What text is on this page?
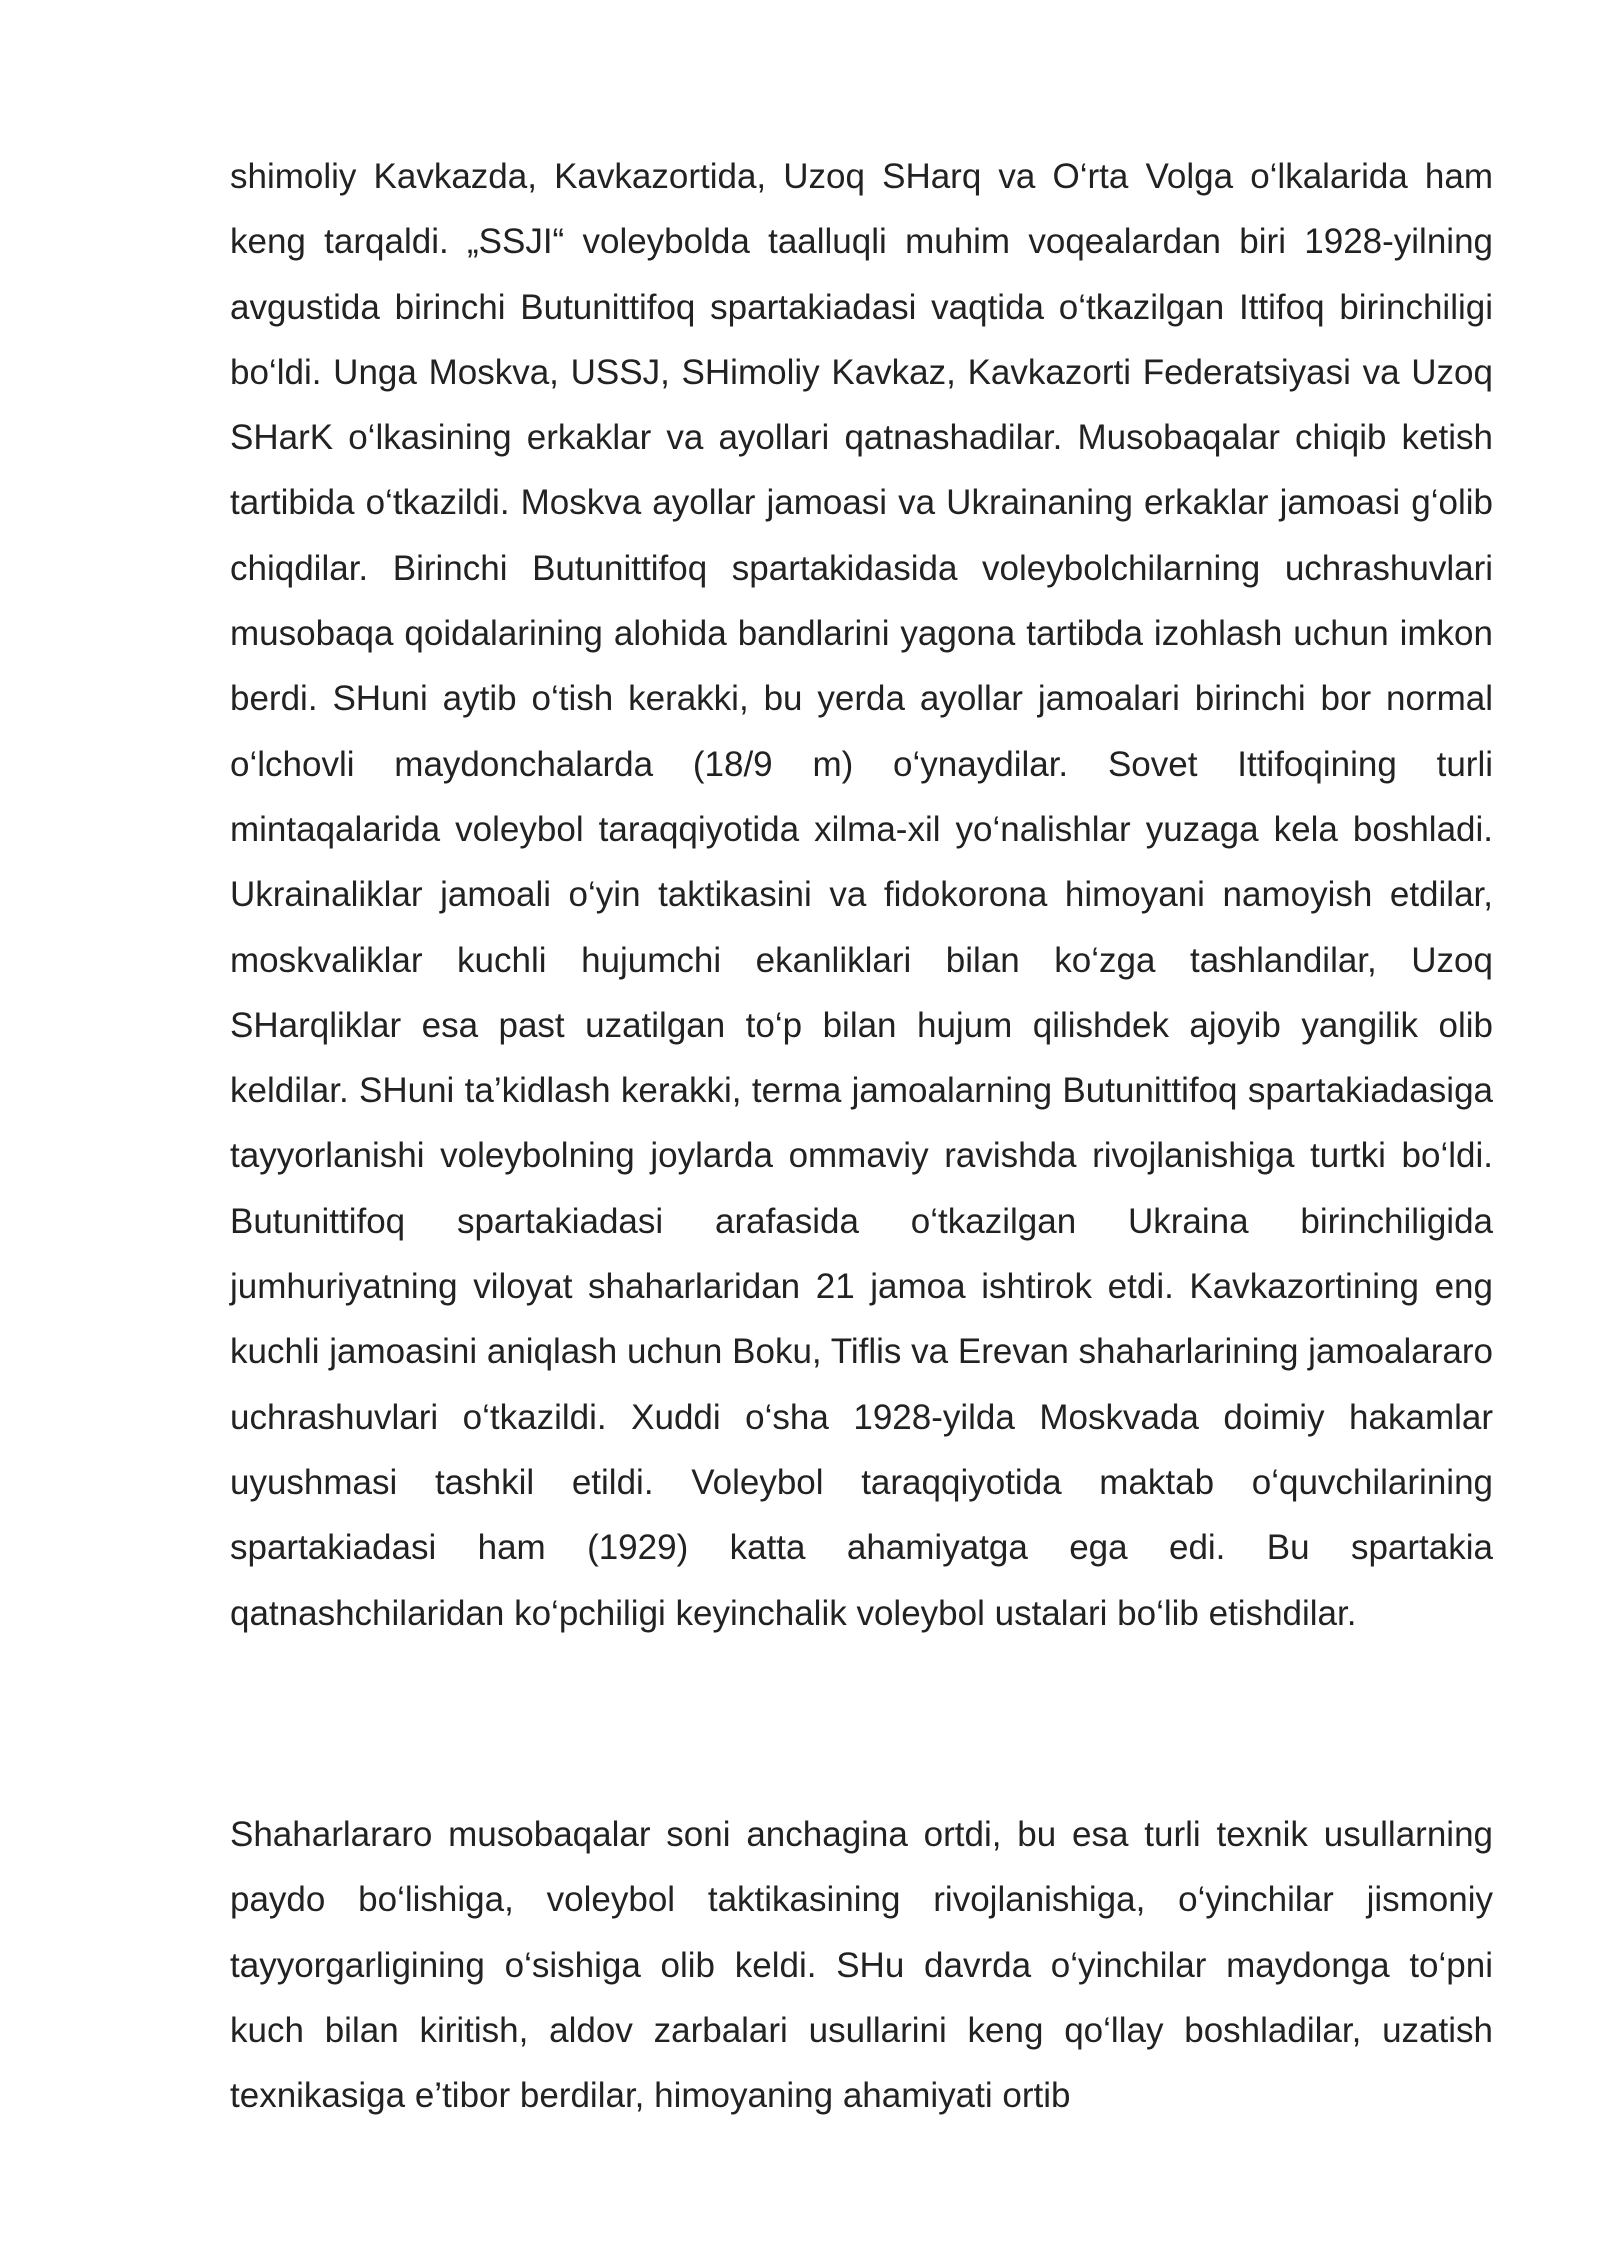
shimoliy Kavkazda, Kavkazortida, Uzoq SHarq va O‘rta Volga o‘lkalarida ham keng tarqaldi. „SSJI“ voleybolda taalluqli muhim voqealardan biri 1928-yilning avgustida birinchi Butunittifoq spartakiadasi vaqtida o‘tkazilgan Ittifoq birinchiligi bo‘ldi. Unga Moskva, USSJ, SHimoliy Kavkaz, Kavkazorti Federatsiyasi va Uzoq SHarK o‘lkasining erkaklar va ayollari qatnashadilar. Musobaqalar chiqib ketish tartibida o‘tkazildi. Moskva ayollar jamoasi va Ukrainaning erkaklar jamoasi g‘olib chiqdilar. Birinchi Butunittifoq spartakidasida voleybolchilarning uchrashuvlari musobaqa qoidalarining alohida bandlarini yagona tartibda izohlash uchun imkon berdi. SHuni aytib o‘tish kerakki, bu yerda ayollar jamoalari birinchi bor normal o‘lchovli maydonchalarda (18/9 m) o‘ynaydilar. Sovet Ittifoqining turli mintaqalarida voleybol taraqqiyotida xilma-xil yo‘nalishlar yuzaga kela boshladi. Ukrainaliklar jamoali o‘yin taktikasini va fidokorona himoyani namoyish etdilar, moskvaliklar kuchli hujumchi ekanliklari bilan ko‘zga tashlandilar, Uzoq SHarqliklar esa past uzatilgan to‘p bilan hujum qilishdek ajoyib yangilik olib keldilar. SHuni ta’kidlash kerakki, terma jamoalarning Butunittifoq spartakiadasiga tayyorlanishi voleybolning joylarda ommaviy ravishda rivojlanishiga turtki bo‘ldi. Butunittifoq spartakiadasi arafasida o‘tkazilgan Ukraina birinchiligida jumhuriyatning viloyat shaharlaridan 21 jamoa ishtirok etdi. Kavkazortining eng kuchli jamoasini aniqlash uchun Boku, Tiflis va Erevan shaharlarining jamoalararo uchrashuvlari o‘tkazildi. Xuddi o‘sha 1928-yilda Moskvada doimiy hakamlar uyushmasi tashkil etildi. Voleybol taraqqiyotida maktab o‘quvchilarining spartakiadasi ham (1929) katta ahamiyatga ega edi. Bu spartakia qatnashchilaridan ko‘pchiligi keyinchalik voleybol ustalari bo‘lib etishdilar.

Shaharlararo musobaqalar soni anchagina ortdi, bu esa turli texnik usullarning paydo bo‘lishiga, voleybol taktikasining rivojlanishiga, o‘yinchilar jismoniy tayyorgarligining o‘sishiga olib keldi. SHu davrda o‘yinchilar maydonga to‘pni kuch bilan kiritish, aldov zarbalari usullarini keng qo‘llay boshladilar, uzatish texnikasiga e’tibor berdilar, himoyaning ahamiyati ortib
